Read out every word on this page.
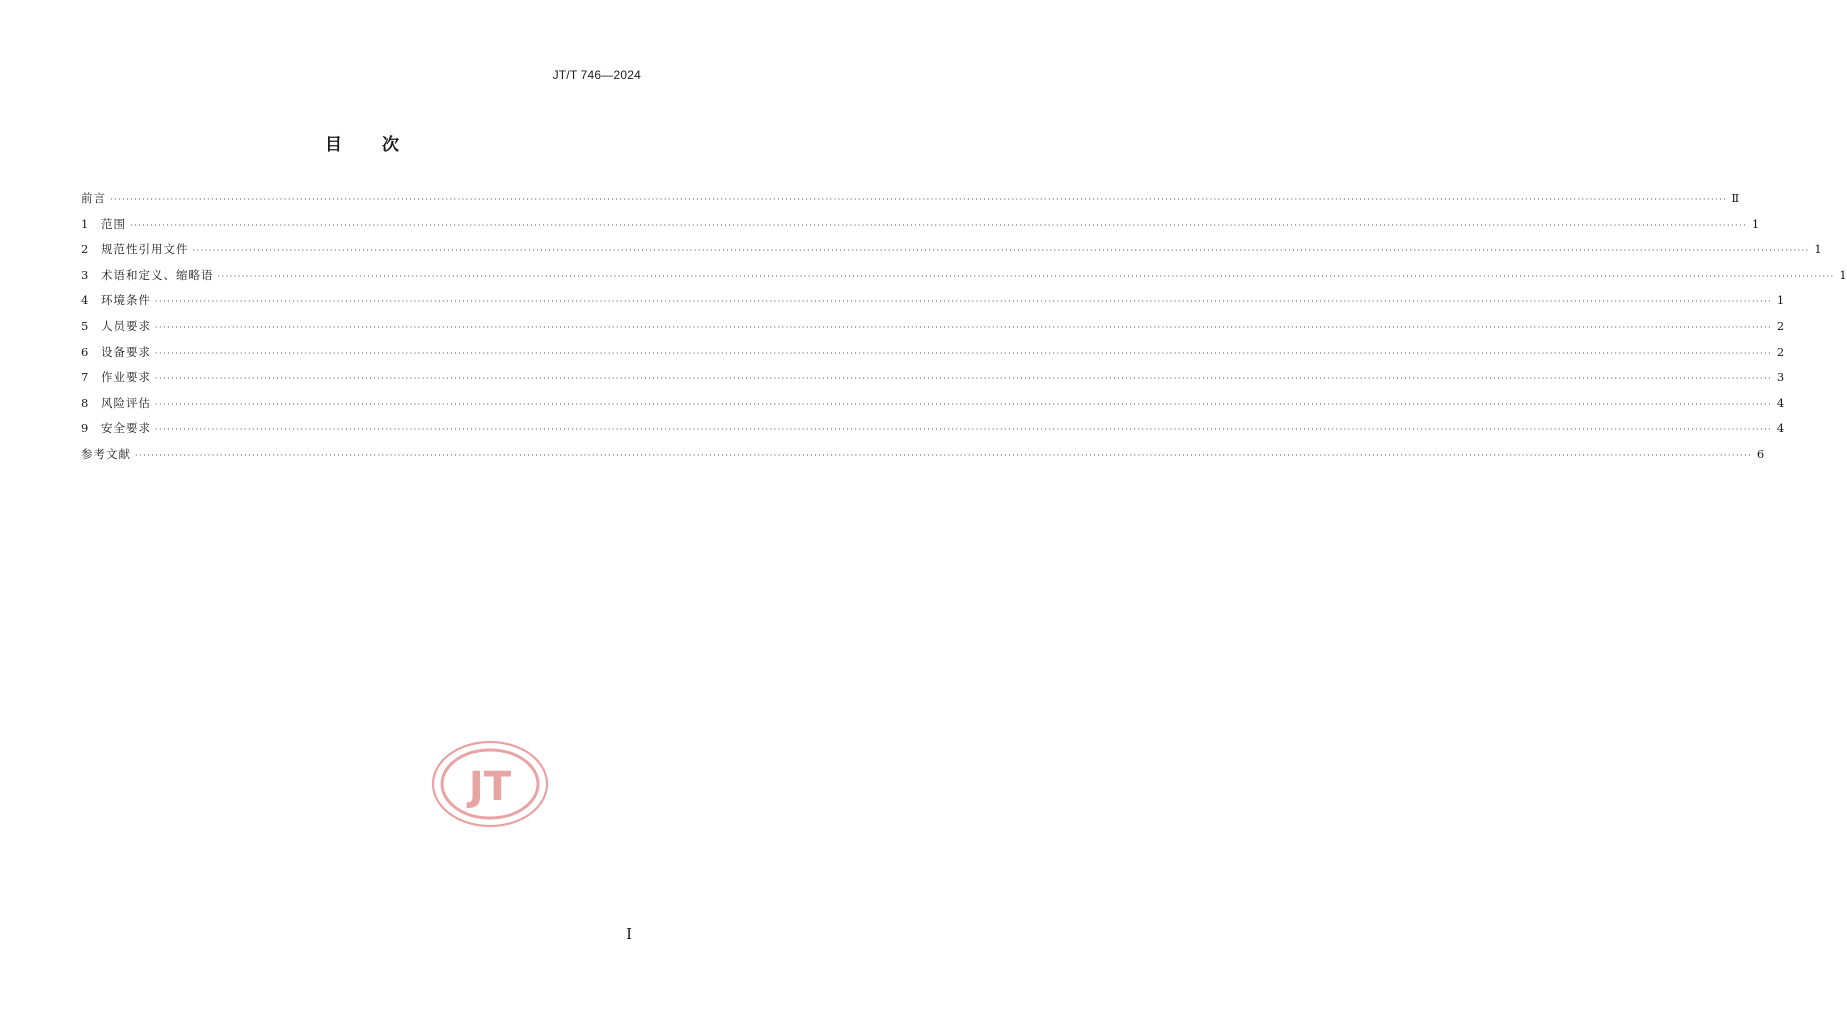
JT/T 746—2024
目次
前言 ················································································································································································································································································································································································································ Ⅱ
1	范围 ················································································································································································································································································································································································································ 1
2	规范性引用文件 ················································································································································································································································································································································································································ 1
3	术语和定义、缩略语 ················································································································································································································································································································································································································ 1
4	环境条件 ················································································································································································································································································································································································································ 1
5	人员要求 ················································································································································································································································································································································································································ 2
6	设备要求 ················································································································································································································································································································································································································ 2
7	作业要求 ················································································································································································································································································································································································································ 3
8	风险评估 ················································································································································································································································································································································································································ 4
9	安全要求 ················································································································································································································································································································································································································ 4
参考文献 ················································································································································································································································································································································································································ 6
JT
I
